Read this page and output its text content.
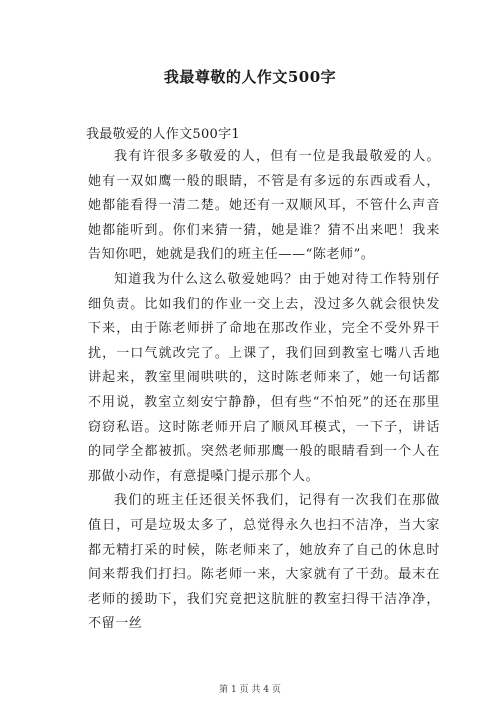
我最尊敬的人作文500字
我最敬爱的人作文500字1

我有许很多多敬爱的人，但有一位是我最敬爱的人。她有一双如鹰一般的眼睛，不管是有多远的东西或看人，她都能看得一清二楚。她还有一双顺风耳，不管什么声音她都能听到。你们来猜一猜，她是谁？猜不出来吧！我来告知你吧，她就是我们的班主任——“陈老师”。

知道我为什么这么敬爱她吗？由于她对待工作特别仔细负责。比如我们的作业一交上去，没过多久就会很快发下来，由于陈老师拼了命地在那改作业，完全不受外界干扰，一口气就改完了。上课了，我们回到教室七嘴八舌地讲起来，教室里闹哄哄的，这时陈老师来了，她一句话都不用说，教室立刻安宁静静，但有些“不怕死”的还在那里窃窃私语。这时陈老师开启了顺风耳模式，一下子，讲话的同学全都被抓。突然老师那鹰一般的眼睛看到一个人在那做小动作，有意提嗓门提示那个人。

我们的班主任还很关怀我们，记得有一次我们在那做值日，可是垃圾太多了，总觉得永久也扫不洁净，当大家都无精打采的时候，陈老师来了，她放弃了自己的休息时间来帮我们打扫。陈老师一来，大家就有了干劲。最末在老师的援助下，我们究竟把这肮脏的教室扫得干洁净净，不留一丝

第 1 页 共 4 页
